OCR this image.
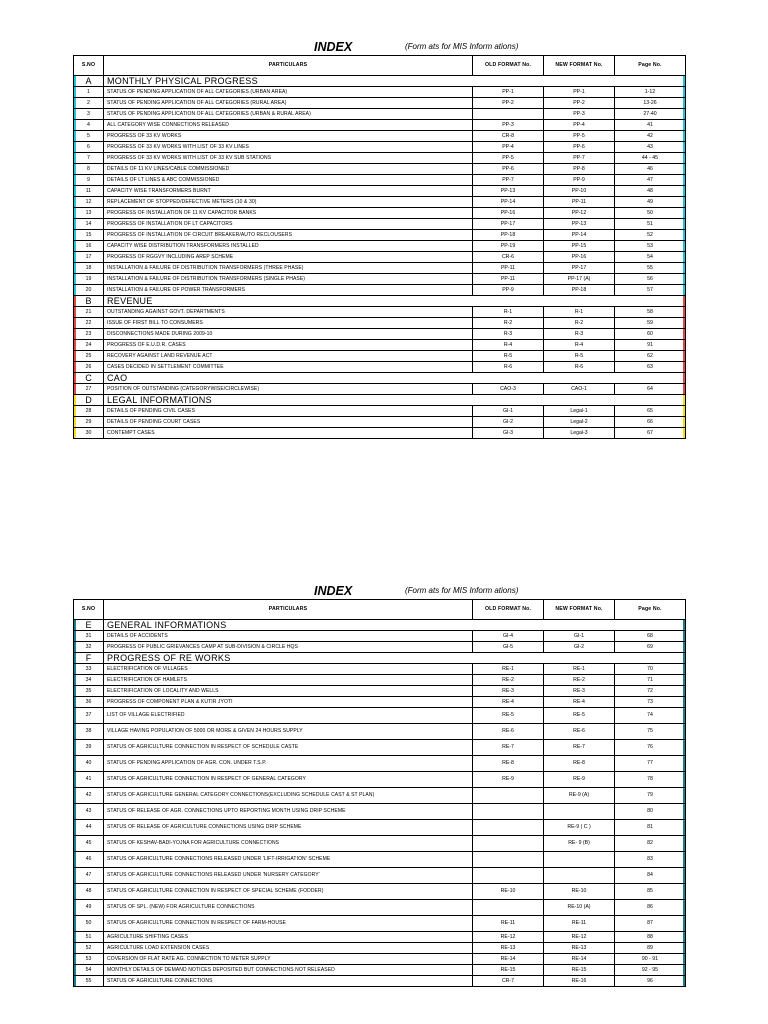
INDEX	(Form ats for MIS Inform ations)
S.NO	PARTICULARS	OLD FORMAT No.	NEW FORMAT No.	Page No.
A	MONTHLY PHYSICAL PROGRESS			
1	STATUS OF PENDING APPLICATION OF ALL CATEGORIES (URBAN AREA)	PP-1	PP-1	1-12
2	STATUS OF PENDING APPLICATION OF ALL CATEGORIES (RURAL AREA)	PP-2	PP-2	13-26
3	STATUS OF PENDING APPLICATION OF ALL CATEGORIES (URBAN & RURAL AREA)		PP-3	27-40
4	ALL CATEGORY WISE CONNECTIONS RELEASED	PP-3	PP-4	41
5	PROGRESS OF 33 KV WORKS	CR-8	PP-5	42
6	PROGRESS OF 33 KV WORKS WITH LIST OF 33 KV LINES	PP-4	PP-6	43
7	PROGRESS OF 33 KV WORKS WITH LIST OF 33 KV SUB STATIONS	PP-5	PP-7	44 - 45
8	DETAILS OF 11 KV LINES/CABLE COMMISSIONED	PP-6	PP-8	46
9	DETAILS OF LT LINES & ABC COMMISSIONED	PP-7	PP-9	47
11	CAPACITY WISE TRANSFORMERS BURNT	PP-13	PP-10	48
12	REPLACEMENT OF STOPPED/DEFECTIVE METERS (10 & 30)	PP-14	PP-11	49
13	PROGRESS OF INSTALLATION OF 11 KV CAPACITOR BANKS	PP-16	PP-12	50
14	PROGRESS OF INSTALLATION OF LT CAPACITORS	PP-17	PP-13	51
15	PROGRESS OF INSTALLATION OF CIRCUIT BREAKER/AUTO RECLOUSERS	PP-18	PP-14	52
16	CAPACITY WISE DISTRIBUTION TRANSFORMERS INSTALLED	PP-19	PP-15	53
17	PROGRESS OF RGGVY INCLUDING AREP SCHEME	CR-6	PP-16	54
18	INSTALLATION & FAILURE OF DISTRIBUTION TRANSFORMERS (THREE PHASE)	PP-11	PP-17	55
19	INSTALLATION & FAILURE OF DISTRIBUTION TRANSFORMERS (SINGLE PHASE)	PP-11	PP-17 (A)	56
20	INSTALLATION & FAILURE OF POWER TRANSFORMERS	PP-9	PP-18	57
B	REVENUE			
21	OUTSTANDING AGAINST GOVT. DEPARTMENTS	R-1	R-1	58
22	ISSUE OF FIRST BILL TO CONSUMERS	R-2	R-2	59
23	DISCONNECTIONS MADE DURING 2009-10	R-3	R-3	60
24	PROGRESS OF E.U.D.R. CASES	R-4	R-4	91
25	RECOVERY AGAINST LAND REVENUE ACT	R-5	R-5	62
26	CASES DECIDED IN SETTLEMENT COMMITTEE	R-6	R-6	63
C	CAO			
27	POSITION OF OUTSTANDING (CATEGORYWISE/CIRCLEWISE)	CAO-3	CAO-1	64
D	LEGAL INFORMATIONS			
28	DETAILS OF PENDING CIVIL CASES	GI-1	Legal-1	65
29	DETAILS OF PENDING COURT CASES	GI-2	Legal-2	66
30	CONTEMPT CASES	GI-3	Legal-3	67
INDEX	(Form ats for MIS Inform ations)
S.NO	PARTICULARS	OLD FORMAT No.	NEW FORMAT No.	Page No.
E	GENERAL INFORMATIONS			
31	DETAILS OF ACCIDENTS	GI-4	GI-1	68
32	PROGRESS OF PUBLIC GRIEVANCES CAMP AT SUB-DIVISION & CIRCLE HQS	GI-5	GI-2	69
F	PROGRESS OF RE WORKS			
33	ELECTRIFICATION OF VILLAGES	RE-1	RE-1	70
34	ELECTRIFICATION OF HAMLETS	RE-2	RE-2	71
35	ELECTRIFICATION OF LOCALITY AND WELLS	RE-3	RE-3	72
36	PROGRESS OF COMPONENT PLAN & KUTIR JYOTI	RE-4	RE-4	73
37	LIST OF VILLAGE ELECTRIFIED	RE-5	RE-5	74
38	VILLAGE HAVING POPULATION OF 5000 OR MORE & GIVEN 24 HOURS SUPPLY	RE-6	RE-6	75
39	STATUS OF AGRICULTURE CONNECTION IN RESPECT OF SCHEDULE CASTE	RE-7	RE-7	76
40	STATUS OF PENDING APPLICATION OF AGR. CON. UNDER T.S.P.	RE-8	RE-8	77
41	STATUS OF AGRICULTURE CONNECTION IN RESPECT OF GENERAL CATEGORY	RE-9	RE-9	78
42	STATUS OF AGRICULTURE GENERAL CATEGORY CONNECTIONS(EXCLUDING SCHEDULE CAST & ST PLAN)		RE-9 (A)	79
43	STATUS OF RELEASE OF AGR. CONNECTIONS UPTO REPORTING MONTH USING DRIP SCHEME			80
44	STATUS OF RELEASE OF AGRICULTURE CONNECTIONS USING DRIP SCHEME		RE-9 ( C )	81
45	STATUS OF KESHAV-BADI-YOJNA FOR AGRICULTURE CONNECTIONS		RE- 9 (B)	82
46	STATUS OF AGRICULTURE CONNECTIONS RELEASED UNDER 'LIFT-IRRIGATION' SCHEME			83
47	STATUS OF AGRICULTURE CONNECTIONS RELEASED UNDER 'NURSERY CATEGORY'			84
48	STATUS OF AGRICULTURE CONNECTION IN RESPECT OF SPECIAL SCHEME (FODDER)	RE-10	RE-10	85
49	STATUS OF SPL. (NEW) FOR AGRICULTURE CONNECTIONS		RE-10 (A)	86
50	STATUS OF AGRICULTURE CONNECTION IN RESPECT OF FARM-HOUSE	RE-11	RE-11	87
51	AGRICULTURE SHIFTING CASES	RE-12	RE-12	88
52	AGRICULTURE LOAD EXTENSION CASES	RE-13	RE-13	89
53	COVERSION OF FLAT RATE AG. CONNECTION TO METER SUPPLY	RE-14	RE-14	90 - 91
54	MONTHLY DETAILS OF DEMAND NOTICES DEPOSITED BUT CONNECTIONS NOT RELEASED	RE-15	RE-15	92 - 95
55	STATUS OF AGRICULTURE CONNECTIONS	CR-7	RE-16	96
